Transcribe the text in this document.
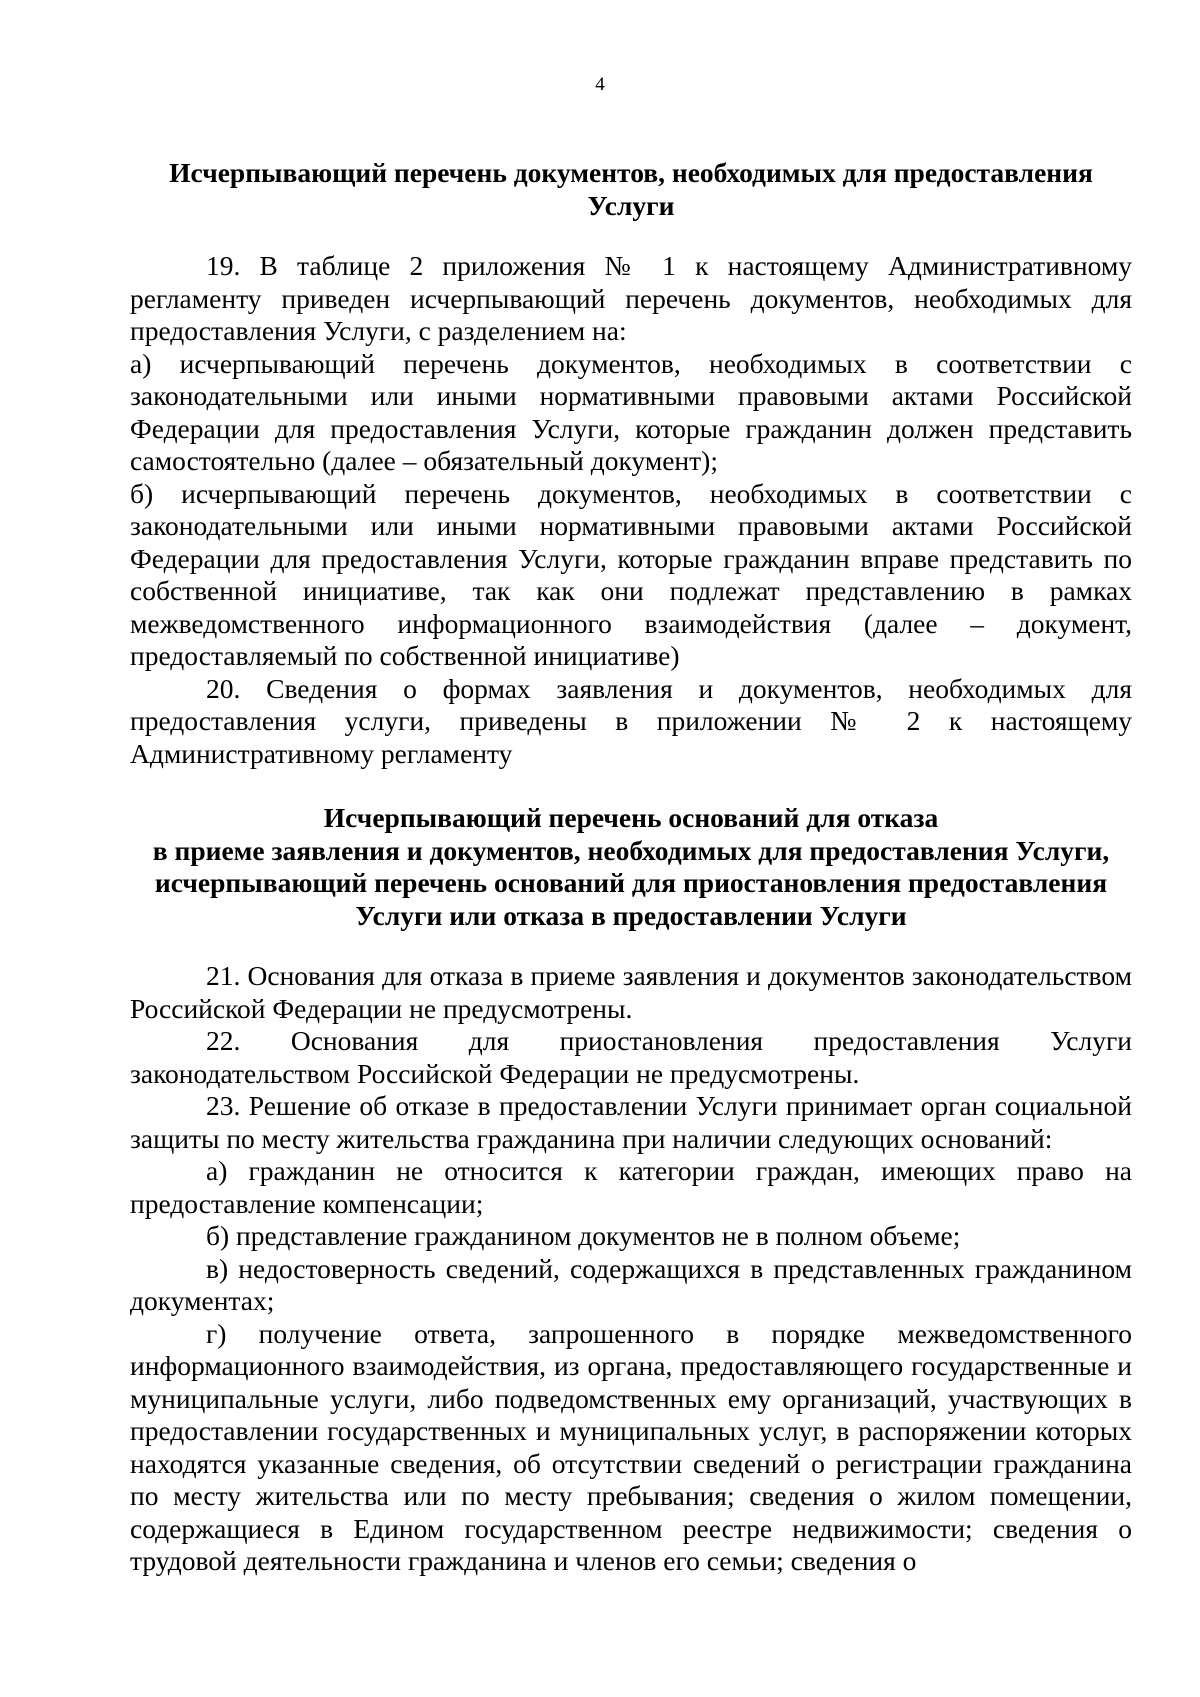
4
Исчерпывающий перечень документов, необходимых для предоставления
Услуги

19. В таблице 2 приложения № 1 к настоящему Административному регламенту приведен исчерпывающий перечень документов, необходимых для предоставления Услуги, с разделением на:

а) исчерпывающий перечень документов, необходимых в соответствии с законодательными или иными нормативными правовыми актами Российской Федерации для предоставления Услуги, которые гражданин должен представить самостоятельно (далее – обязательный документ);

б) исчерпывающий перечень документов, необходимых в соответствии с законодательными или иными нормативными правовыми актами Российской Федерации для предоставления Услуги, которые гражданин вправе представить по собственной инициативе, так как они подлежат представлению в рамках межведомственного информационного взаимодействия (далее – документ, предоставляемый по собственной инициативе)

20. Сведения о формах заявления и документов, необходимых для предоставления услуги, приведены в приложении № 2 к настоящему Административному регламенту

Исчерпывающий перечень оснований для отказа
в приеме заявления и документов, необходимых для предоставления Услуги,
исчерпывающий перечень оснований для приостановления предоставления
Услуги или отказа в предоставлении Услуги

21. Основания для отказа в приеме заявления и документов законодательством Российской Федерации не предусмотрены.

22. Основания для приостановления предоставления Услуги законодательством Российской Федерации не предусмотрены.

23. Решение об отказе в предоставлении Услуги принимает орган социальной защиты по месту жительства гражданина при наличии следующих оснований:

а) гражданин не относится к категории граждан, имеющих право на предоставление компенсации;

б) представление гражданином документов не в полном объеме;

в) недостоверность сведений, содержащихся в представленных гражданином документах;

г) получение ответа, запрошенного в порядке межведомственного информационного взаимодействия, из органа, предоставляющего государственные и муниципальные услуги, либо подведомственных ему организаций, участвующих в предоставлении государственных и муниципальных услуг, в распоряжении которых находятся указанные сведения, об отсутствии сведений о регистрации гражданина по месту жительства или по месту пребывания; сведения о жилом помещении, содержащиеся в Едином государственном реестре недвижимости; сведения о трудовой деятельности гражданина и членов его семьи; сведения о
